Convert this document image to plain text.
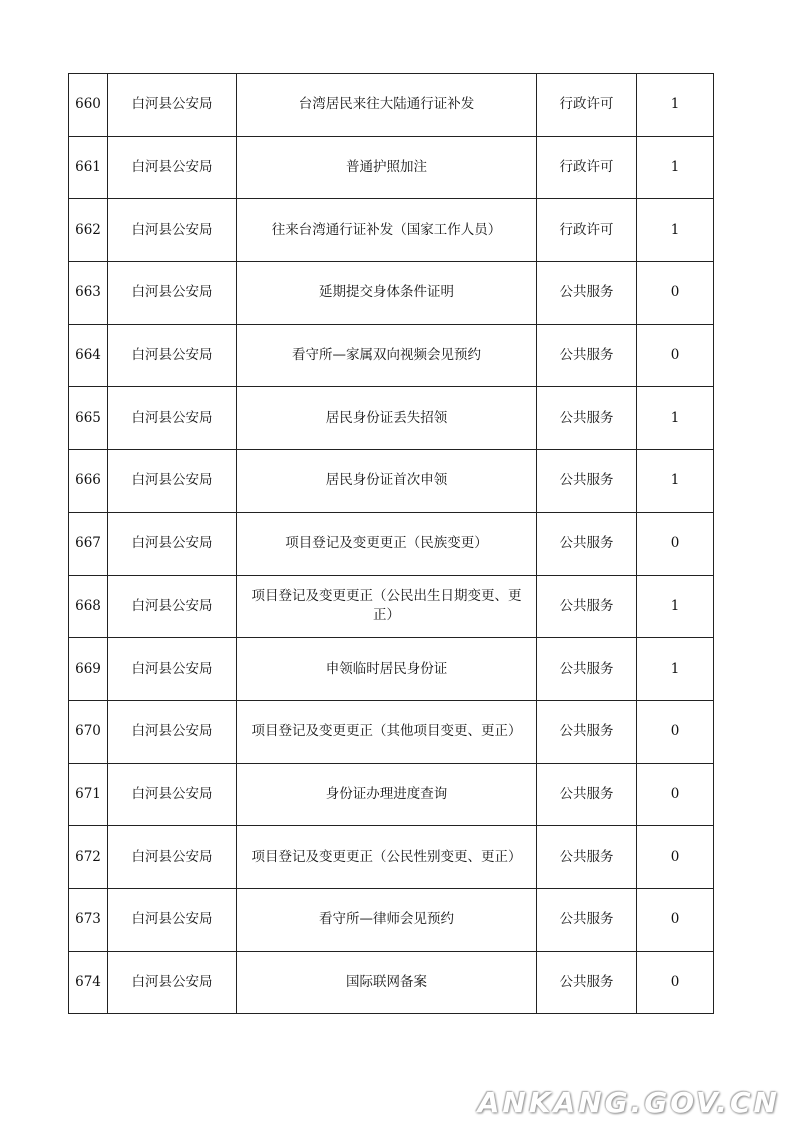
660	白河县公安局	台湾居民来往大陆通行证补发	行政许可	1
661	白河县公安局	普通护照加注	行政许可	1
662	白河县公安局	往来台湾通行证补发（国家工作人员）	行政许可	1
663	白河县公安局	延期提交身体条件证明	公共服务	0
664	白河县公安局	看守所—家属双向视频会见预约	公共服务	0
665	白河县公安局	居民身份证丢失招领	公共服务	1
666	白河县公安局	居民身份证首次申领	公共服务	1
667	白河县公安局	项目登记及变更更正（民族变更）	公共服务	0
668	白河县公安局	项目登记及变更更正（公民出生日期变更、更正）	公共服务	1
669	白河县公安局	申领临时居民身份证	公共服务	1
670	白河县公安局	项目登记及变更更正（其他项目变更、更正）	公共服务	0
671	白河县公安局	身份证办理进度查询	公共服务	0
672	白河县公安局	项目登记及变更更正（公民性别变更、更正）	公共服务	0
673	白河县公安局	看守所—律师会见预约	公共服务	0
674	白河县公安局	国际联网备案	公共服务	0
ANKANG.GOV.CN
